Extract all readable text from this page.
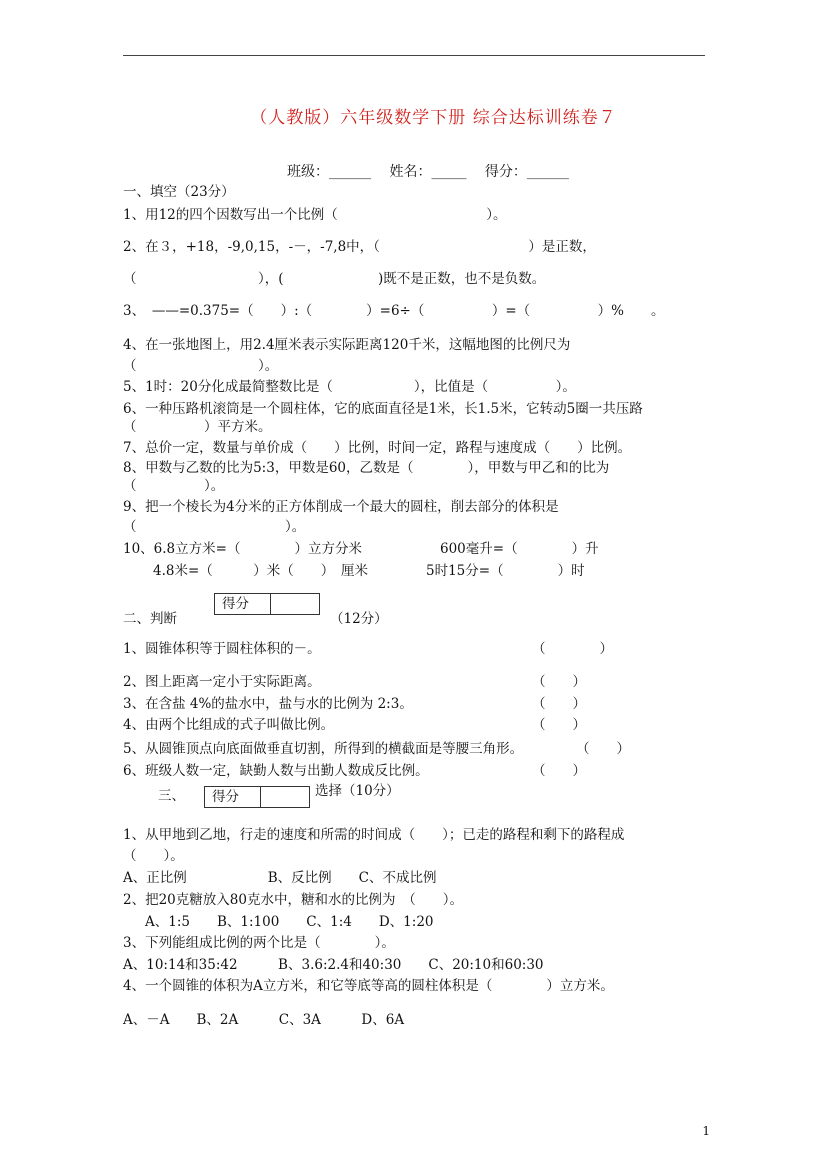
（人教版）六年级数学下册 综合达标训练卷７
班级：______　 姓名：_____　 得分：______
一、填空（23分）
1、用12的四个因数写出一个比例（　　　　　　　　　　　）。
2、在３，+18，-9,0,15，-－，-7,8中，（　　　　　　　　　　　）是正数，
（　　　　　　　　　），(　　　　　　　)既不是正数，也不是负数。
3、　——=0.375=（　　）:（　　　　）=6÷（　　　　　）=（　　　　　）%　　。
4、在一张地图上，用2.4厘米表示实际距离120千米，这幅地图的比例尺为
（　　　　　　　　　）。
5、1时：20分化成最简整数比是（　　　　　　），比值是（　　　　　）。
6、一种压路机滚筒是一个圆柱体，它的底面直径是1米，长1.5米，它转动5圈一共压路
（　　　　　）平方米。
7、总价一定，数量与单价成（　　）比例，时间一定，路程与速度成（　　）比例。
8、甲数与乙数的比为5:3，甲数是60，乙数是（　　　　），甲数与甲乙和的比为
（　　　　　）。
9、把一个棱长为4分米的正方体削成一个最大的圆柱，削去部分的体积是
（　　　　　　　　　　　）。
10、6.8立方米=（　　　　）立方分米	600毫升=（　　　　）升
4.8米=（　　　）米（　　）　厘米	5时15分=（　　　　）时
得分
二、判断	（12分）
1、圆锥体积等于圆柱体积的－。	（　　　　）
2、图上距离一定小于实际距离。	（　　）
3、在含盐 4%的盐水中，盐与水的比例为 2:3。	（　　）
4、由两个比组成的式子叫做比例。	（　　）
5、从圆锥顶点向底面做垂直切割，所得到的横截面是等腰三角形。	（　　）
6、班级人数一定，缺勤人数与出勤人数成反比例。	（　　）
三、	得分	选择（10分）
1、从甲地到乙地，行走的速度和所需的时间成（　　）；已走的路程和剩下的路程成
（　　）。
A、正比例　　　　　　B、反比例　　C、不成比例
2、把20克糖放入80克水中，糖和水的比例为　（　　）。
A、1:5　　B、1:100　　C、1:4　　D、1:20
3、下列能组成比例的两个比是（　　　　）。
A、10:14和35:42　　　B、3.6:2.4和40:30　　C、20:10和60:30
4、一个圆锥的体积为A立方米，和它等底等高的圆柱体积是（　　　　）立方米。
A、－A　　B、2A　　　C、3A　　　D、6A
1
